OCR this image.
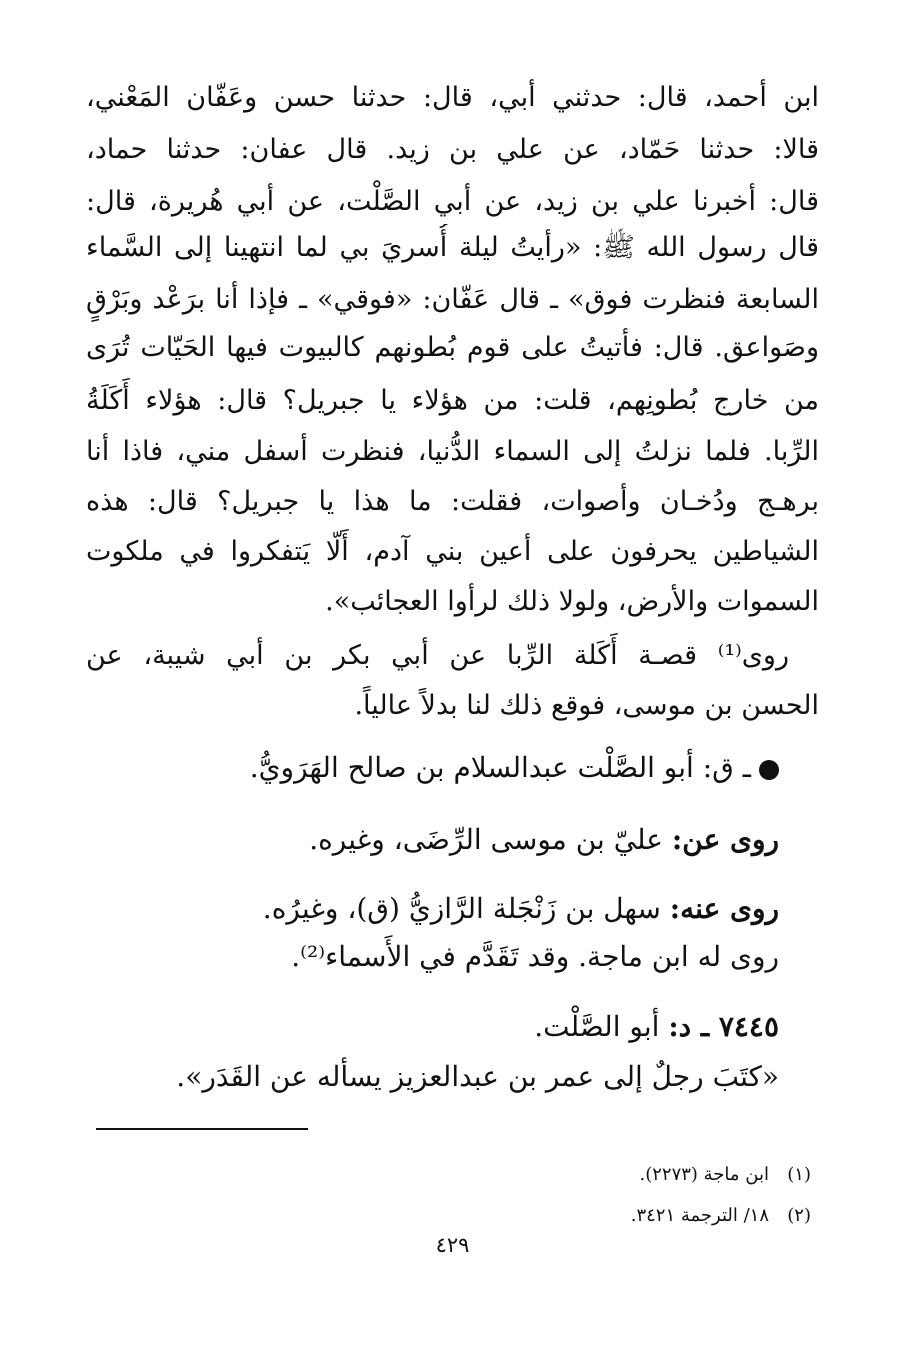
ابن أحمد، قال: حدثني أبي، قال: حدثنا حسن وعَفّان المَعْني،
قالا: حدثنا حَمّاد، عن علي بن زيد. قال عفان: حدثنا حماد،
قال: أخبرنا علي بن زيد، عن أبي الصَّلْت، عن أبي هُريرة، قال:
قال رسول الله ﷺ: «رأيتُ ليلة أُسريَ بي لما انتهينا إلى السَّماء
السابعة فنظرت فوق» ـ قال عَفّان: «فوقي» ـ فإذا أنا برَعْد وبَرْقٍ
وصَواعق. قال: فأتيتُ على قوم بُطونهم كالبيوت فيها الحَيّات تُرَى
من خارج بُطونِهم، قلت: من هؤلاء يا جبريل؟ قال: هؤلاء أَكَلَةُ
الرِّبا. فلما نزلتُ إلى السماء الدُّنيا، فنظرت أسفل مني، فاذا أنا
برهـج ودُخـان وأصوات، فقلت: ما هذا يا جبريل؟ قال: هذه
الشياطين يحرفون على أعين بني آدم، أَلّا يَتفكروا في ملكوت
السموات والأرض، ولولا ذلك لرأوا العجائب».
روى⁽¹⁾ قصـة أَكَلة الرِّبا عن أبي بكر بن أبي شيبة، عن
الحسن بن موسى، فوقع ذلك لنا بدلاً عالياً.
ـ ق: أبو الصَّلْت عبدالسلام بن صالح الهَرَويُّ.
روى عن: عليّ بن موسى الرِّضَى، وغيره.
روى عنه: سهل بن زَنْجَلة الرَّازيُّ (ق)، وغيرُه.
روى له ابن ماجة. وقد تَقَدَّم في الأَسماء⁽²⁾.
٧٤٤٥ ـ د: أبو الصَّلْت.
«كتَبَ رجلٌ إلى عمر بن عبدالعزيز يسأله عن القَدَر».
(١)ابن ماجة (٢٢٧٣).
(٢)١٨/ الترجمة ٣٤٢١.
٤٢٩
